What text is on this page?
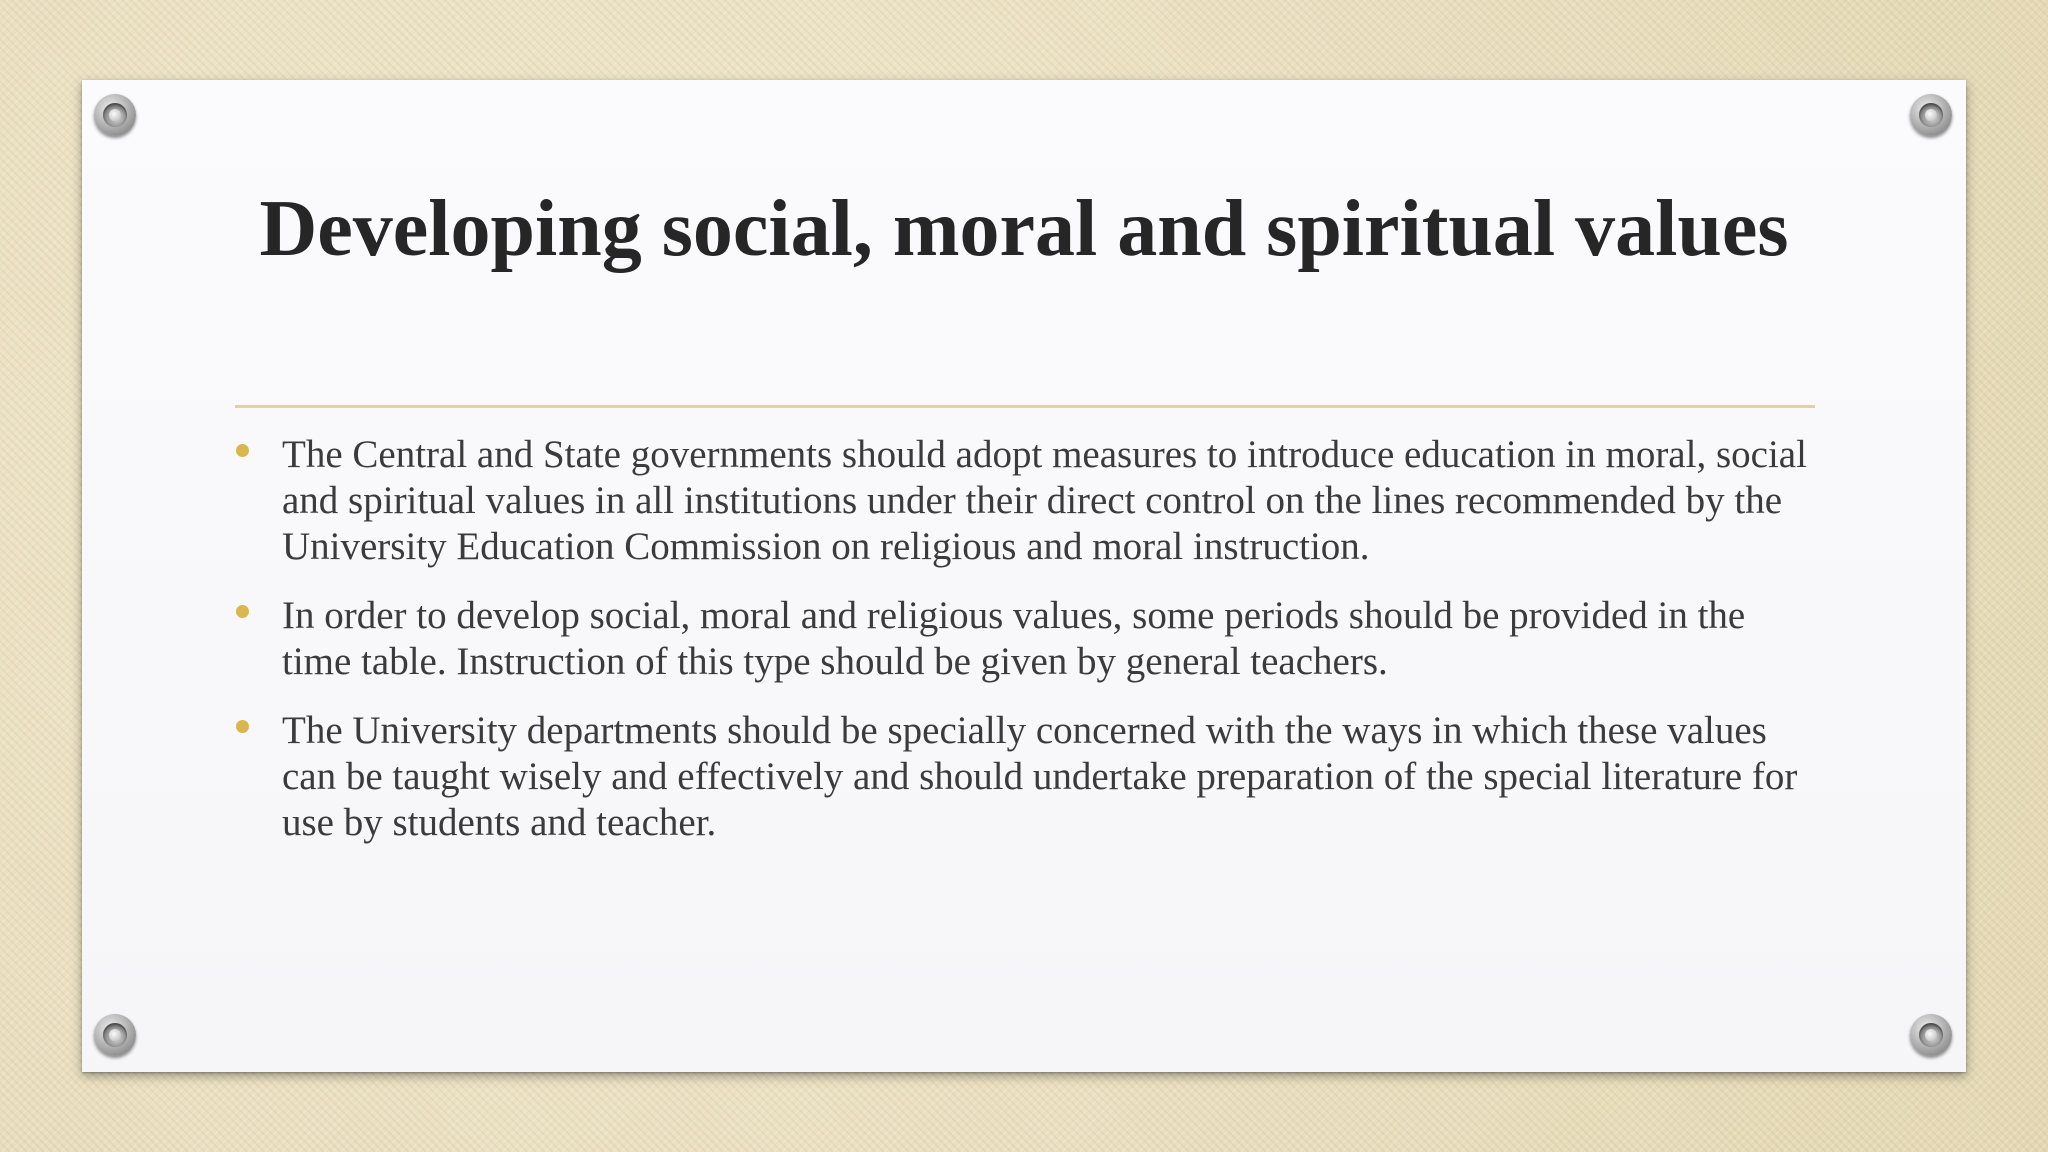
Developing social, moral and spiritual values
The Central and State governments should adopt measures to introduce education in moral, social and spiritual values in all institutions under their direct control on the lines recommended by the University Education Commission on religious and moral instruction.
In order to develop social, moral and religious values, some periods should be provided in the time table. Instruction of this type should be given by general teachers.
The University departments should be specially concerned with the ways in which these values can be taught wisely and effectively and should undertake preparation of the special literature for use by students and teacher.
